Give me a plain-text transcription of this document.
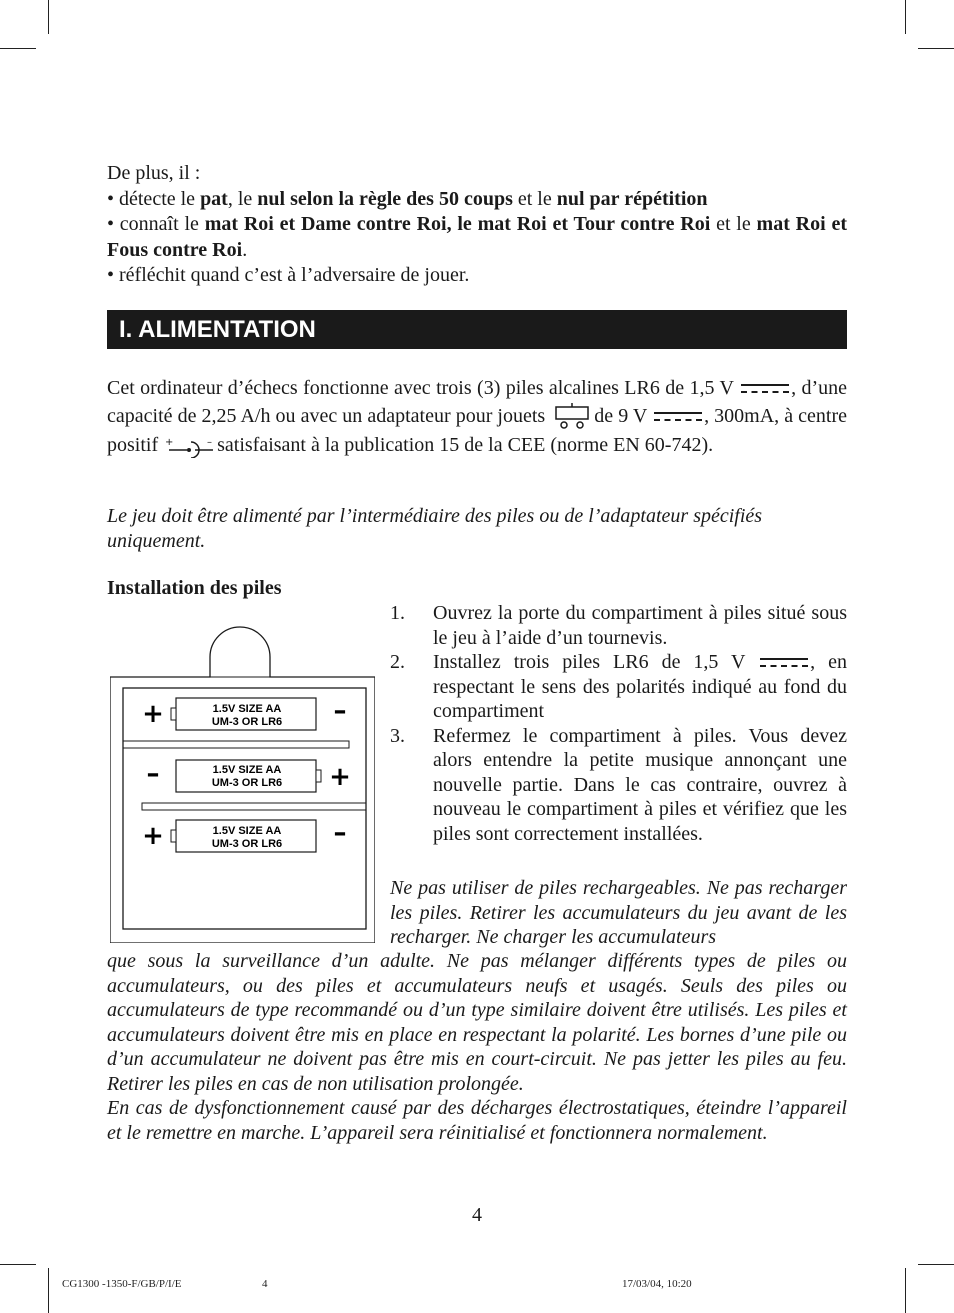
De plus, il :
• détecte le pat, le nul selon la règle des 50 coups et le nul par répétition
• connaît le mat Roi et Dame contre Roi, le mat Roi et Tour contre Roi et le mat Roi et Fous contre Roi.
• réfléchit quand c’est à l’adversaire de jouer.
I. ALIMENTATION
Cet ordinateur d’échecs fonctionne avec trois (3) piles alcalines LR6 de 1,5 V	, d’une capacité de 2,25 A/h ou avec un adaptateur pour jouets de 9 V	, 300mA, à centre positif +	– satisfaisant à la publication 15 de la CEE (norme EN 60-742).
Le jeu doit être alimenté par l’intermédiaire des piles ou de l’adaptateur spécifiés uniquement.
Installation des piles
1.5V SIZE AA
UM-3 OR LR6
+	–
1.5V SIZE AA
UM-3 OR LR6
–	+
1.5V SIZE AA
UM-3 OR LR6
+	–
1.	Ouvrez la porte du compartiment à piles situé sous le jeu à l’aide d’un tournevis.
2.	Installez trois piles LR6 de 1,5 V	, en respectant le sens des polarités indiqué au fond du compartiment
3.	Refermez le compartiment à piles. Vous devez alors entendre la petite musique annonçant une nouvelle partie. Dans le cas contraire, ouvrez à nouveau le compartiment à piles et vérifiez que les piles sont correctement installées.
Ne pas utiliser de piles rechargeables. Ne pas recharger les piles. Retirer les accumulateurs du jeu avant de les recharger. Ne charger les accumulateurs
que sous la surveillance d’un adulte. Ne pas mélanger différents types de piles ou accumulateurs, ou des piles et accumulateurs neufs et usagés. Seuls des piles ou accumulateurs de type recommandé ou d’un type similaire doivent être utilisés. Les piles et accumulateurs doivent être mis en place en respectant la polarité. Les bornes d’une pile ou d’un accumulateur ne doivent pas être mis en court-circuit. Ne pas jetter les piles au feu. Retirer les piles en cas de non utilisation prolongée.
En cas de dysfonctionnement causé par des décharges électrostatiques, éteindre l’appareil et le remettre en marche. L’appareil sera réinitialisé et fonctionnera normalement.
4
CG1300 -1350-F/GB/P/I/E	4	17/03/04, 10:20
